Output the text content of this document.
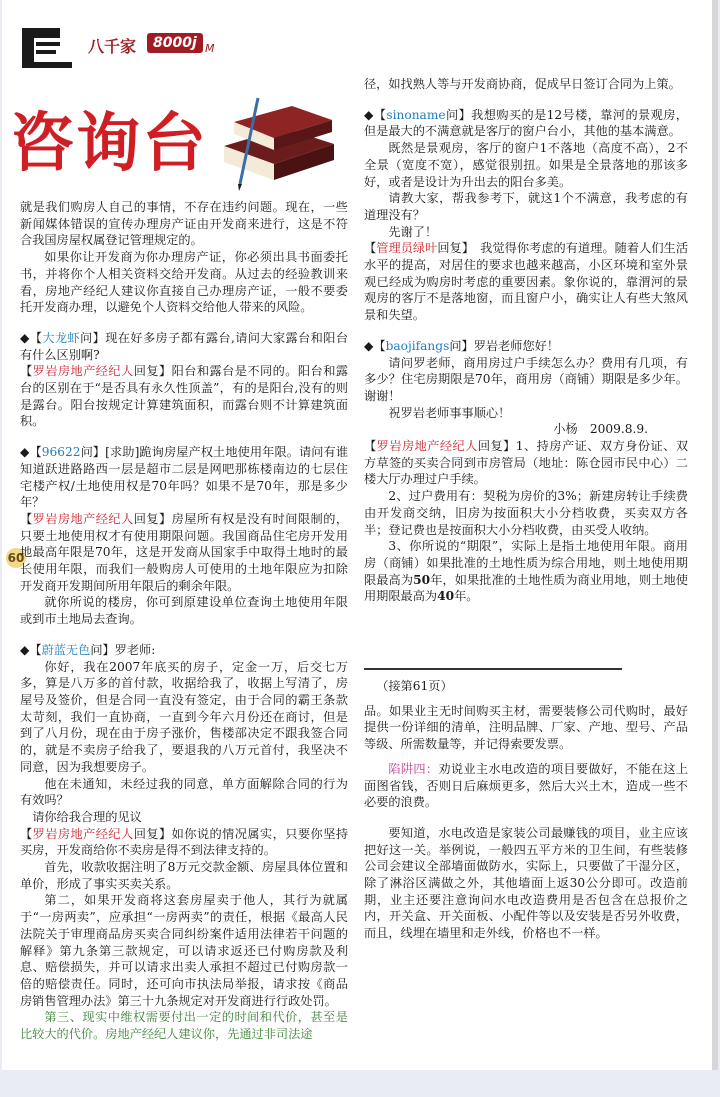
八千家	8000j M
咨询台
60

就是我们购房人自己的事情，不存在违约问题。现在，一些新闻媒体错误的宣传办理房产证由开发商来进行，这是不符合我国房屋权属登记管理规定的。

如果你让开发商为你办理房产证，你必须出具书面委托书，并将你个人相关资料交给开发商。从过去的经验教训来看，房地产经纪人建议你直接自己办理房产证，一般不要委托开发商办理，以避免个人资料交给他人带来的风险。

◆【大龙虾问】现在好多房子都有露台,请问大家露台和阳台有什么区别啊?

【罗岩房地产经纪人回复】阳台和露台是不同的。阳台和露台的区别在于“是否具有永久性顶盖”，有的是阳台,没有的则是露台。阳台按规定计算建筑面积，而露台则不计算建筑面积。

◆【96622问】[求助]跪询房屋产权土地使用年限。请问有谁知道跃进路路西一层是超市二层是网吧那栋楼南边的七层住宅楼产权/土地使用权是70年吗？如果不是70年，那是多少年？

【罗岩房地产经纪人回复】房屋所有权是没有时间限制的，只要土地使用权才有使用期限问题。我国商品住宅房开发用地最高年限是70年，这是开发商从国家手中取得土地时的最长使用年限，而我们一般购房人可使用的土地年限应为扣除开发商开发期间所用年限后的剩余年限。

就你所说的楼房，你可到原建设单位查询土地使用年限或到市土地局去查询。

◆【蔚蓝无色问】罗老师:

你好，我在2007年底买的房子，定金一万，后交七万多，算是八万多的首付款，收据给我了，收据上写清了，房屋号及签价，但是合同一直没有签定，由于合同的霸王条款太苛刻，我们一直协商，一直到今年六月份还在商讨，但是到了八月份，现在由于房子涨价，售楼部决定不跟我签合同的，就是不卖房子给我了，要退我的八万元首付，我坚决不同意，因为我想要房子。

他在未通知，未经过我的同意，单方面解除合同的行为有效吗？

请你给我合理的见议

【罗岩房地产经纪人回复】如你说的情况属实，只要你坚持买房，开发商给你不卖房是得不到法律支持的。

首先，收款收据注明了8万元交款金额、房屋具体位置和单价，形成了事实买卖关系。

第二，如果开发商将这套房屋卖于他人，其行为就属于“一房两卖”，应承担“一房两卖”的责任，根据《最高人民法院关于审理商品房买卖合同纠纷案件适用法律若干问题的解释》第九条第三款规定，可以请求返还已付购房款及利息、赔偿损失，并可以请求出卖人承担不超过已付购房款一倍的赔偿责任。同时，还可向市执法局举报，请求按《商品房销售管理办法》第三十九条规定对开发商进行行政处罚。

第三、现实中维权需要付出一定的时间和代价，甚至是比较大的代价。房地产经纪人建议你，先通过非司法途

径，如找熟人等与开发商协商，促成早日签订合同为上策。

◆【sinoname问】我想购买的是12号楼，靠河的景观房，但是最大的不满意就是客厅的窗户台小，其他的基本满意。

既然是景观房，客厅的窗户1不落地（高度不高），2不全景（宽度不宽），感觉很别扭。如果是全景落地的那该多好，或者是设计为升出去的阳台多美。

请教大家，帮我参考下，就这1个不满意，我考虑的有道理没有？

先谢了！

【管理员绿叶回复】　我觉得你考虑的有道理。随着人们生活水平的提高，对居住的要求也越来越高，小区环境和室外景观已经成为购房时考虑的重要因素。象你说的，靠渭河的景观房的客厅不是落地窗，而且窗户小，确实让人有些大煞风景和失望。

◆【baojifangs问】罗岩老师您好！

请问罗老师，商用房过户手续怎么办？费用有几项，有多少？住宅房期限是70年，商用房（商铺）期限是多少年。谢谢！

祝罗岩老师事事顺心！

小杨　2009.8.9.

【罗岩房地产经纪人回复】1、持房产证、双方身份证、双方草签的买卖合同到市房管局（地址：陈仓园市民中心）二楼大厅办理过户手续。

2、过户费用有：契税为房价的3%；新建房转让手续费由开发商交纳，旧房为按面积大小分档收费，买卖双方各半；登记费也是按面积大小分档收费，由买受人收纳。

3、你所说的“期限”，实际上是指土地使用年限。商用房（商铺）如果批准的土地性质为综合用地，则土地使用期限最高为50年，如果批准的土地性质为商业用地，则土地使用期限最高为40年。

（接第61页）

品。如果业主无时间购买主材，需要装修公司代购时，最好提供一份详细的清单，注明品牌、厂家、产地、型号、产品等级、所需数量等，并记得索要发票。

陷阱四：劝说业主水电改造的项目要做好，不能在这上面图省钱，否则日后麻烦更多，然后大兴土木，造成一些不必要的浪费。

要知道，水电改造是家装公司最赚钱的项目，业主应该把好这一关。举例说，一般四五平方米的卫生间，有些装修公司会建议全部墙面做防水，实际上，只要做了干湿分区，除了淋浴区满做之外，其他墙面上返30公分即可。改造前期，业主还要注意询问水电改造费用是否包含在总报价之内，开关盒、开关面板、小配件等以及安装是否另外收费，而且，线埋在墙里和走外线，价格也不一样。
